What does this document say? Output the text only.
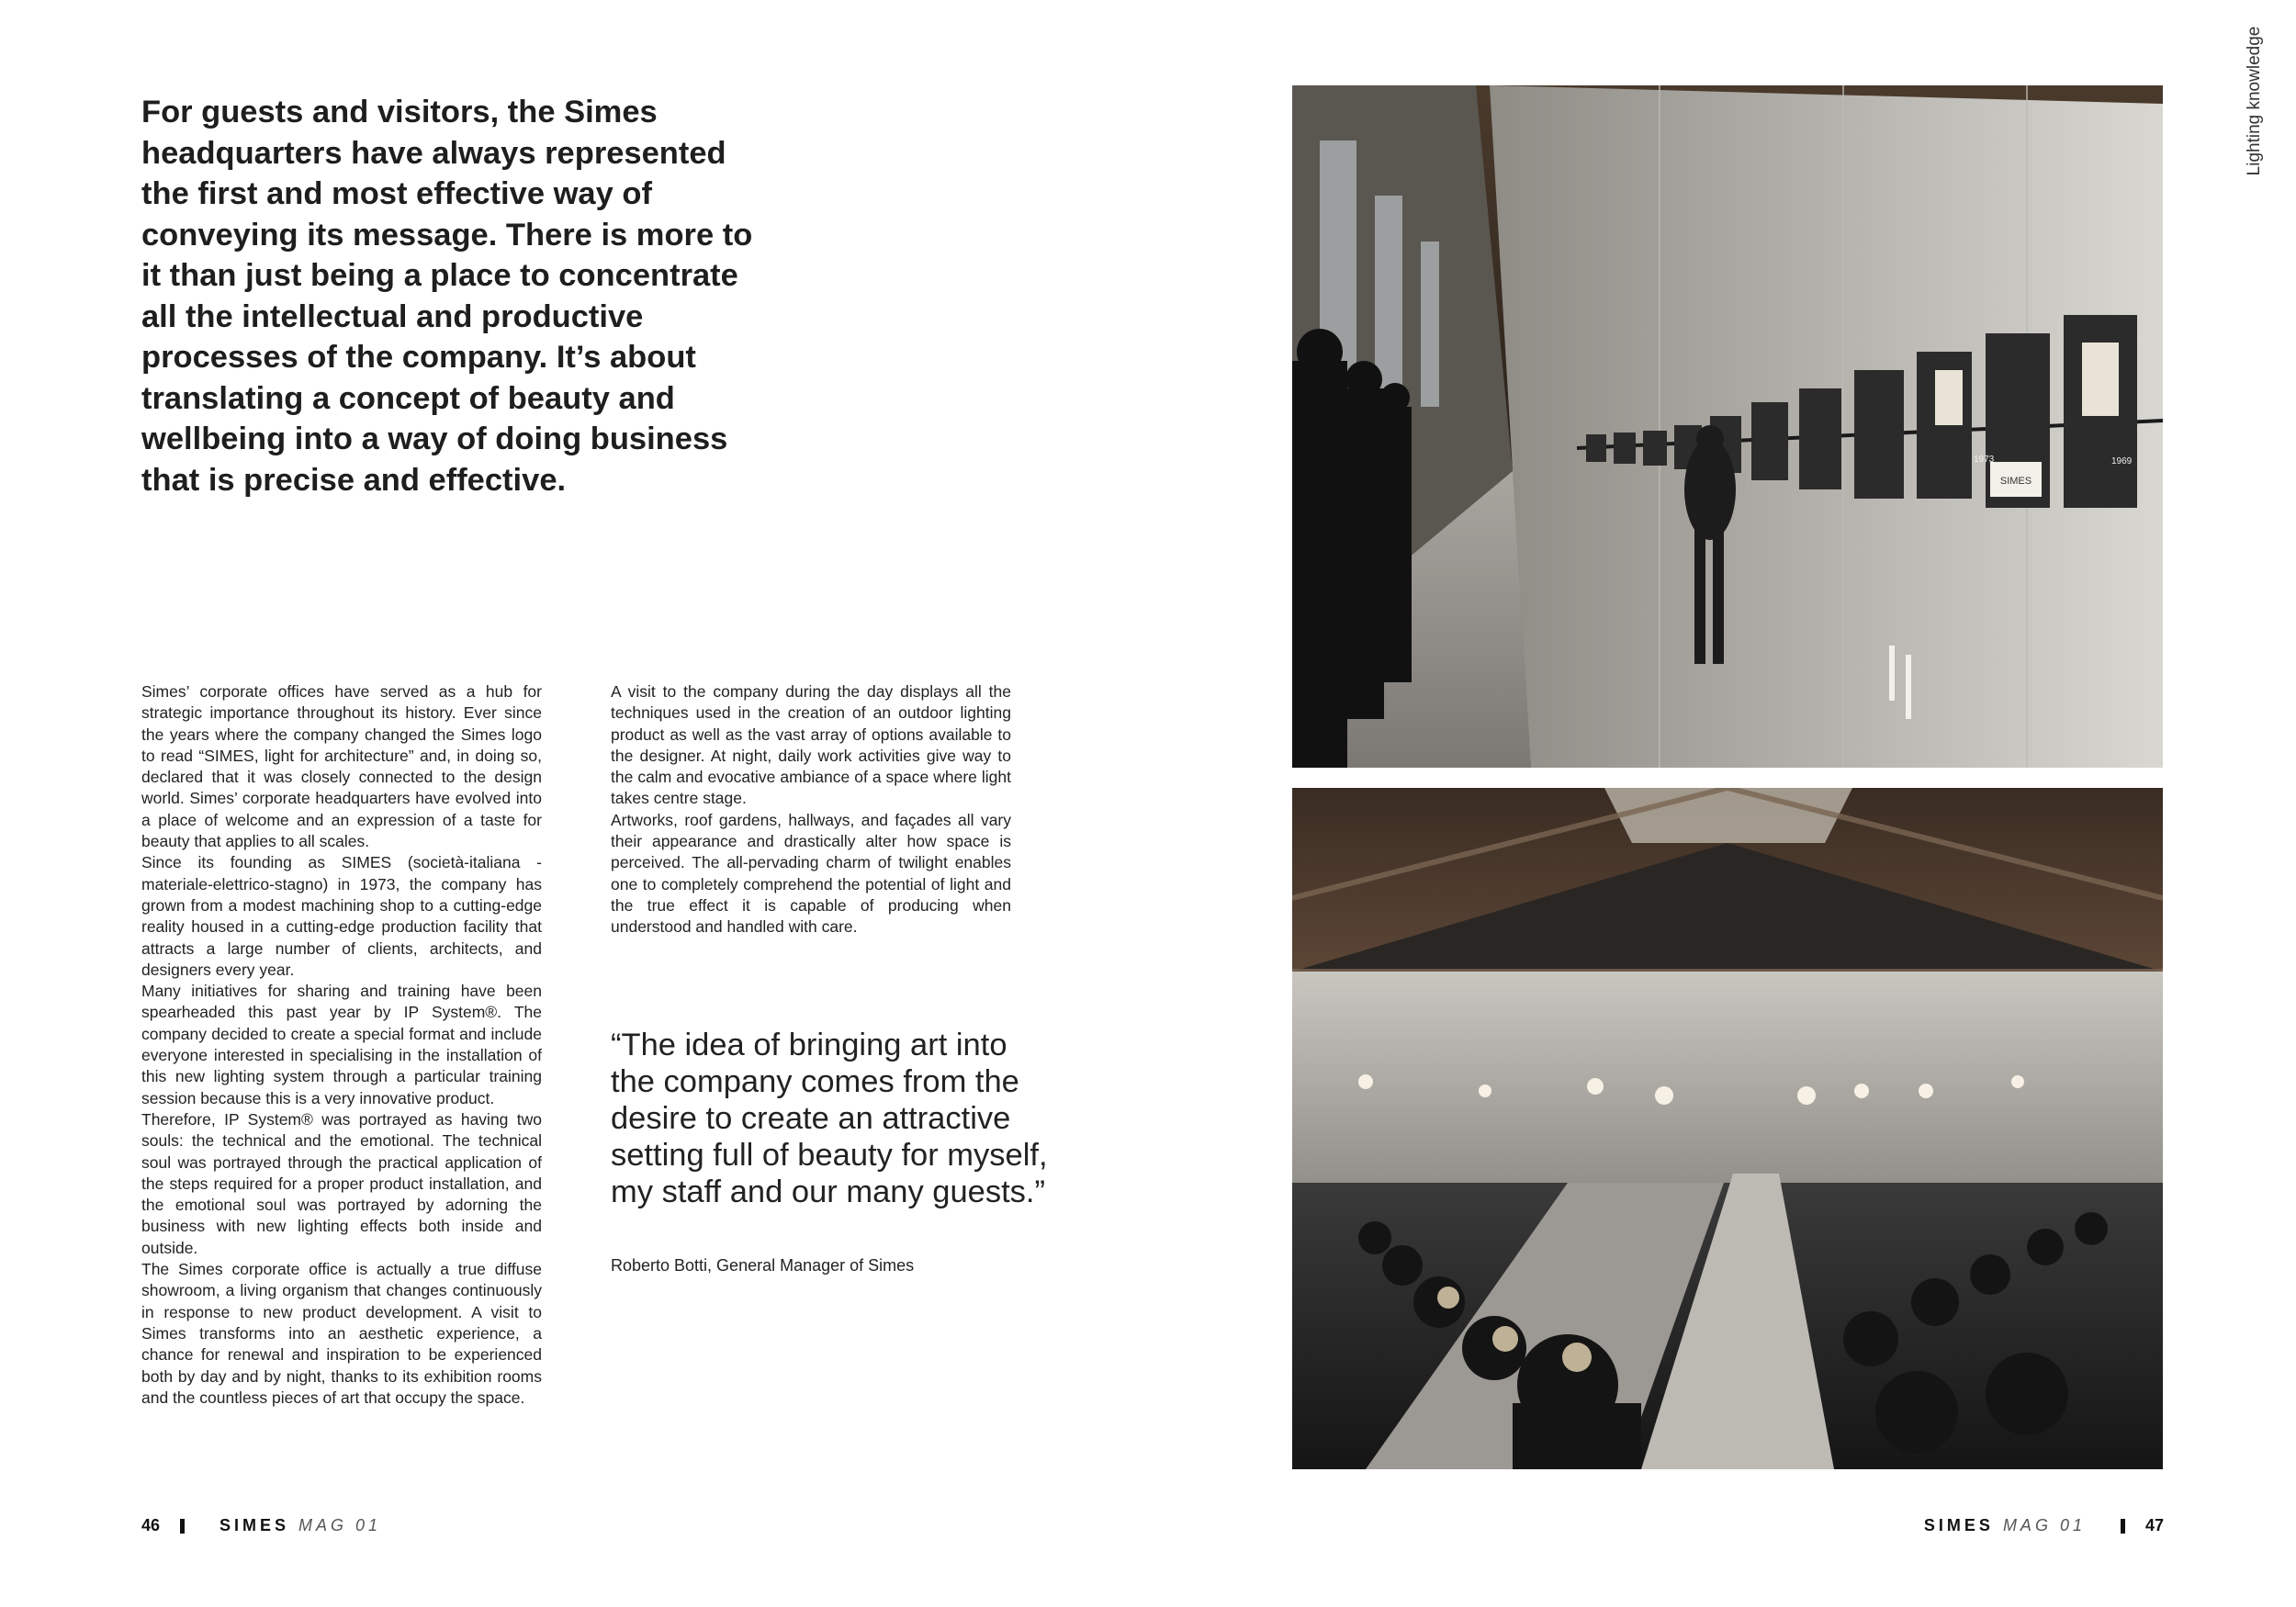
For guests and visitors, the Simes headquarters have always represented the first and most effective way of conveying its message. There is more to it than just being a place to concentrate all the intellectual and productive processes of the company. It’s about translating a concept of beauty and wellbeing into a way of doing business that is precise and effective.

Simes’ corporate offices have served as a hub for strategic importance throughout its history. Ever since the years where the company changed the Simes logo to read “SIMES, light for architecture” and, in doing so, declared that it was closely connected to the design world. Simes’ corporate headquarters have evolved into a place of welcome and an expression of a taste for beauty that applies to all scales.

Since its founding as SIMES (società-italiana -materiale-elettrico-stagno) in 1973, the company has grown from a modest machining shop to a cutting-edge reality housed in a cutting-edge production facility that attracts a large number of clients, architects, and designers every year.

Many initiatives for sharing and training have been spearheaded this past year by IP System®. The company decided to create a special format and include everyone interested in specialising in the installation of this new lighting system through a particular training session because this is a very innovative product.

Therefore, IP System® was portrayed as having two souls: the technical and the emotional. The technical soul was portrayed through the practical application of the steps required for a proper product installation, and the emotional soul was portrayed by adorning the business with new lighting effects both inside and outside.

The Simes corporate office is actually a true diffuse showroom, a living organism that changes continuously in response to new product development. A visit to Simes transforms into an aesthetic experience, a chance for renewal and inspiration to be experienced both by day and by night, thanks to its exhibition rooms and the countless pieces of art that occupy the space.

A visit to the company during the day displays all the techniques used in the creation of an outdoor lighting product as well as the vast array of options available to the designer. At night, daily work activities give way to the calm and evocative ambiance of a space where light takes centre stage.

Artworks, roof gardens, hallways, and façades all vary their appearance and drastically alter how space is perceived. The all-pervading charm of twilight enables one to completely comprehend the potential of light and the true effect it is capable of producing when understood and handled with care.

“The idea of bringing art into the company comes from the desire to create an attractive setting full of beauty for myself, my staff and our many guests.”
Roberto Botti, General Manager of Simes
SIMES
1973	1969
Lighting knowledge
46	SIMES MAG 01	SIMES MAG 01	47
